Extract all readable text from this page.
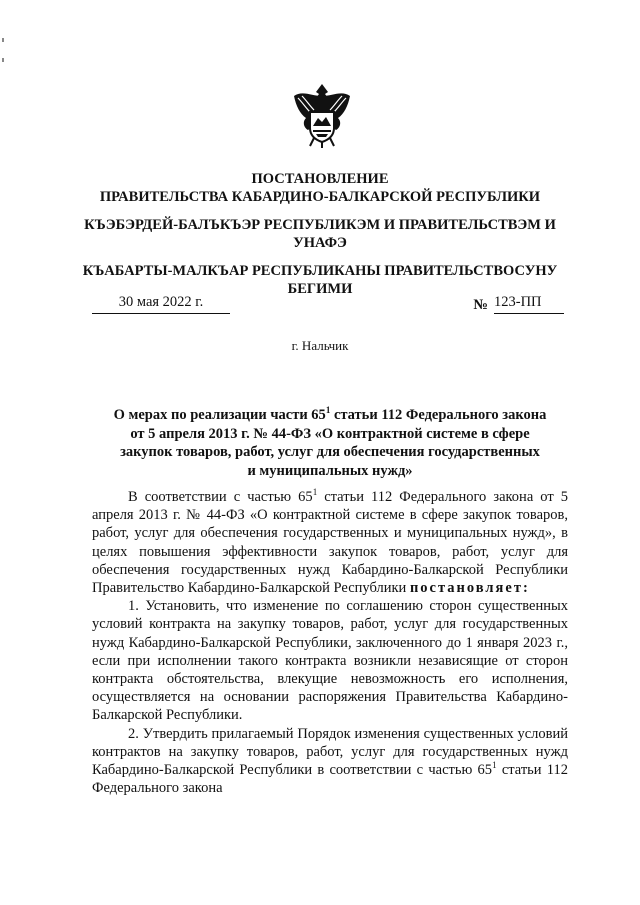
ПОСТАНОВЛЕНИЕ
ПРАВИТЕЛЬСТВА КАБАРДИНО-БАЛКАРСКОЙ РЕСПУБЛИКИ
КЪЭБЭРДЕЙ-БАЛЪКЪЭР РЕСПУБЛИКЭМ И ПРАВИТЕЛЬСТВЭМ И
УНАФЭ
КЪАБАРТЫ-МАЛКЪАР РЕСПУБЛИКАНЫ ПРАВИТЕЛЬСТВОСУНУ
БЕГИМИ
30 мая 2022 г.	№ 123-ПП
г. Нальчик
О мерах по реализации части $65^1$ статьи 112 Федерального закона
от 5 апреля 2013 г. № 44-ФЗ «О контрактной системе в сфере
закупок товаров, работ, услуг для обеспечения государственных
и муниципальных нужд»

В соответствии с частью $65^1$ статьи 112 Федерального закона от 5 апреля 2013 г. № 44-ФЗ «О контрактной системе в сфере закупок товаров, работ, услуг для обеспечения государственных и муниципальных нужд», в целях повышения эффективности закупок товаров, работ, услуг для обеспечения государственных нужд Кабардино-Балкарской Республики Правительство Кабардино-Балкарской Республики постановляет:

1. Установить, что изменение по соглашению сторон существенных условий контракта на закупку товаров, работ, услуг для государственных нужд Кабардино-Балкарской Республики, заключенного до 1 января 2023 г., если при исполнении такого контракта возникли независящие от сторон контракта обстоятельства, влекущие невозможность его исполнения, осуществляется на основании распоряжения Правительства Кабардино-Балкарской Республики.

2. Утвердить прилагаемый Порядок изменения существенных условий контрактов на закупку товаров, работ, услуг для государственных нужд Кабардино-Балкарской Республики в соответствии с частью $65^1$ статьи 112 Федерального закона
